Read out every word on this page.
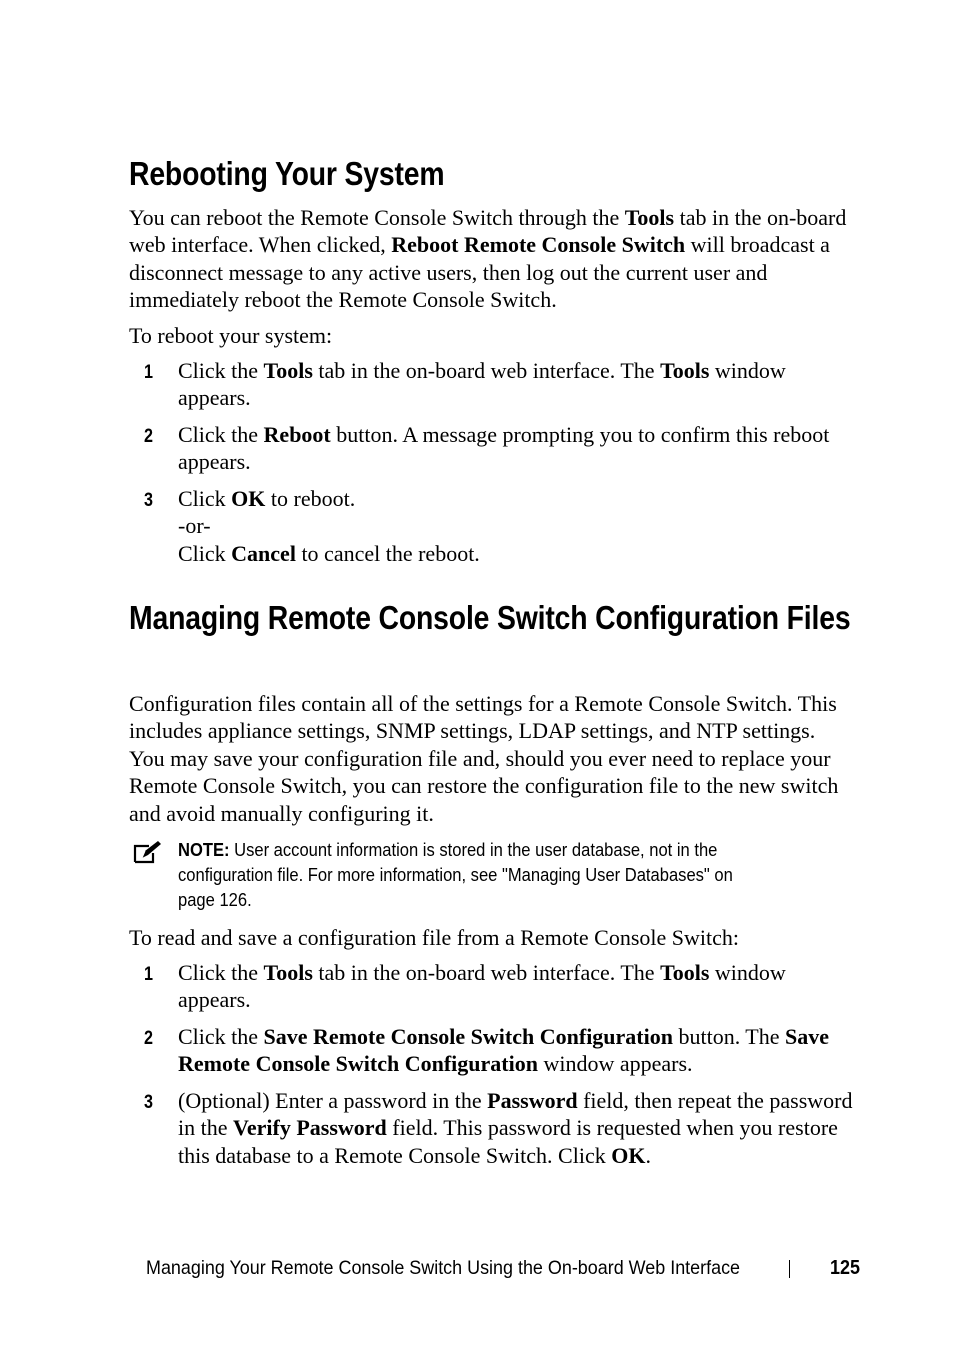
Rebooting Your System

You can reboot the Remote Console Switch through the Tools tab in the on-board web interface. When clicked, Reboot Remote Console Switch will broadcast a disconnect message to any active users, then log out the current user and immediately reboot the Remote Console Switch.

To reboot your system:

1 Click the Tools tab in the on-board web interface. The Tools window appears.
2 Click the Reboot button. A message prompting you to confirm this reboot appears.
3 Click OK to reboot.
-or-
Click Cancel to cancel the reboot.
Managing Remote Console Switch Configuration Files

Configuration files contain all of the settings for a Remote Console Switch. This includes appliance settings, SNMP settings, LDAP settings, and NTP settings. You may save your configuration file and, should you ever need to replace your Remote Console Switch, you can restore the configuration file to the new switch and avoid manually configuring it.

NOTE: User account information is stored in the user database, not in the configuration file. For more information, see "Managing User Databases" on page 126.

To read and save a configuration file from a Remote Console Switch:

1 Click the Tools tab in the on-board web interface. The Tools window appears.
2 Click the Save Remote Console Switch Configuration button. The Save Remote Console Switch Configuration window appears.
3 (Optional) Enter a password in the Password field, then repeat the password in the Verify Password field. This password is requested when you restore this database to a Remote Console Switch. Click OK.
Managing Your Remote Console Switch Using the On-board Web Interface	125
